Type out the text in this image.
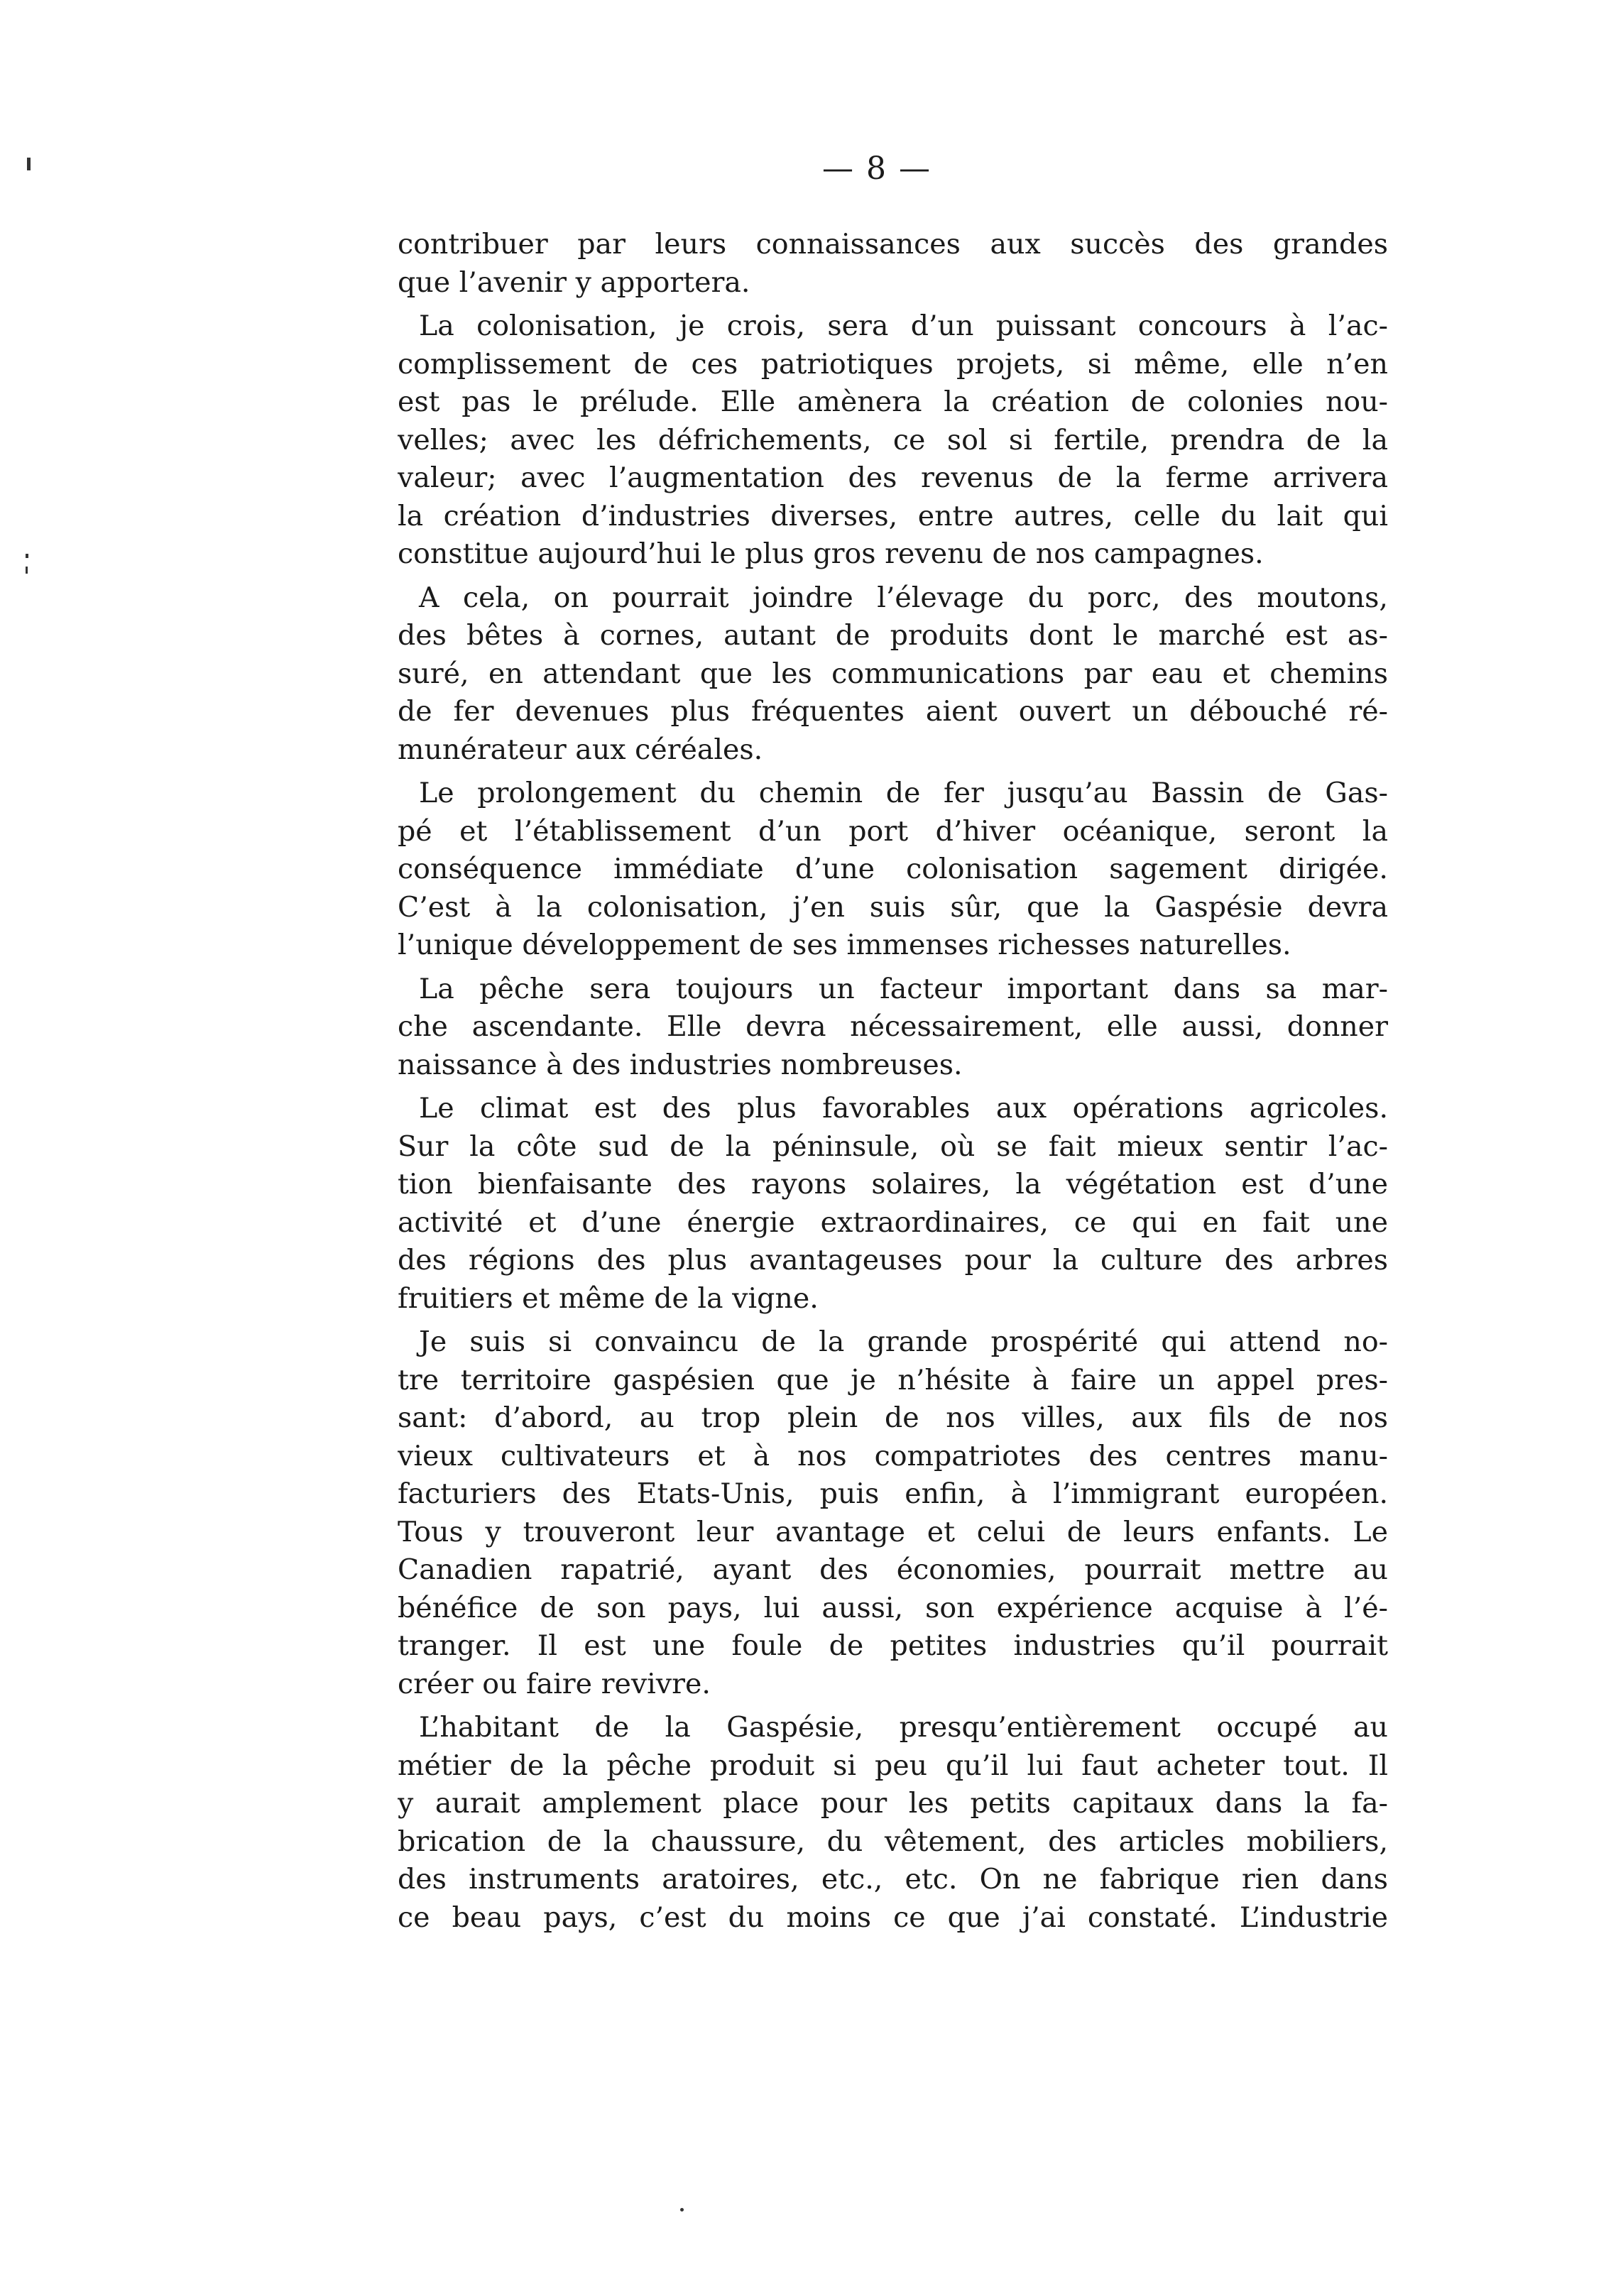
— 8 —
contribuer par leurs connaissances aux succès des grandes
que l’avenir y apportera.
La colonisation, je crois, sera d’un puissant concours à l’ac-
complissement de ces patriotiques projets, si même, elle n’en
est pas le prélude. Elle amènera la création de colonies nou-
velles; avec les défrichements, ce sol si fertile, prendra de la
valeur; avec l’augmentation des revenus de la ferme arrivera
la création d’industries diverses, entre autres, celle du lait qui
constitue aujourd’hui le plus gros revenu de nos campagnes.
A cela, on pourrait joindre l’élevage du porc, des moutons,
des bêtes à cornes, autant de produits dont le marché est as-
suré, en attendant que les communications par eau et chemins
de fer devenues plus fréquentes aient ouvert un débouché ré-
munérateur aux céréales.
Le prolongement du chemin de fer jusqu’au Bassin de Gas-
pé et l’établissement d’un port d’hiver océanique, seront la
conséquence immédiate d’une colonisation sagement dirigée.
C’est à la colonisation, j’en suis sûr, que la Gaspésie devra
l’unique développement de ses immenses richesses naturelles.
La pêche sera toujours un facteur important dans sa mar-
che ascendante. Elle devra nécessairement, elle aussi, donner
naissance à des industries nombreuses.
Le climat est des plus favorables aux opérations agricoles.
Sur la côte sud de la péninsule, où se fait mieux sentir l’ac-
tion bienfaisante des rayons solaires, la végétation est d’une
activité et d’une énergie extraordinaires, ce qui en fait une
des régions des plus avantageuses pour la culture des arbres
fruitiers et même de la vigne.
Je suis si convaincu de la grande prospérité qui attend no-
tre territoire gaspésien que je n’hésite à faire un appel pres-
sant: d’abord, au trop plein de nos villes, aux fils de nos
vieux cultivateurs et à nos compatriotes des centres manu-
facturiers des Etats-Unis, puis enfin, à l’immigrant européen.
Tous y trouveront leur avantage et celui de leurs enfants. Le
Canadien rapatrié, ayant des économies, pourrait mettre au
bénéfice de son pays, lui aussi, son expérience acquise à l’é-
tranger. Il est une foule de petites industries qu’il pourrait
créer ou faire revivre.
L’habitant de la Gaspésie, presqu’entièrement occupé au
métier de la pêche produit si peu qu’il lui faut acheter tout. Il
y aurait amplement place pour les petits capitaux dans la fa-
brication de la chaussure, du vêtement, des articles mobiliers,
des instruments aratoires, etc., etc. On ne fabrique rien dans
ce beau pays, c’est du moins ce que j’ai constaté. L’industrie
